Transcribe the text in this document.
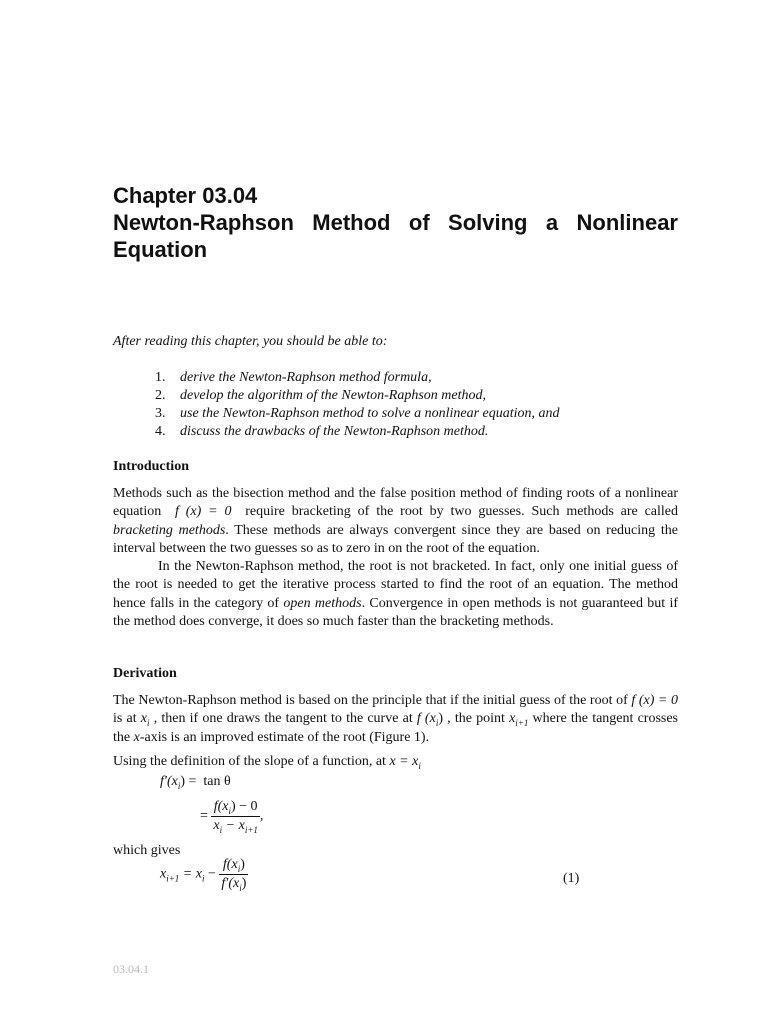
Chapter 03.04
Newton-Raphson Method of Solving a Nonlinear
Equation
After reading this chapter, you should be able to:
1. derive the Newton-Raphson method formula,
2. develop the algorithm of the Newton-Raphson method,
3. use the Newton-Raphson method to solve a nonlinear equation, and
4. discuss the drawbacks of the Newton-Raphson method.
Introduction

Methods such as the bisection method and the false position method of finding roots of a nonlinear equation f (x) = 0 require bracketing of the root by two guesses. Such methods are called bracketing methods. These methods are always convergent since they are based on reducing the interval between the two guesses so as to zero in on the root of the equation.

In the Newton-Raphson method, the root is not bracketed. In fact, only one initial guess of the root is needed to get the iterative process started to find the root of an equation. The method hence falls in the category of open methods. Convergence in open methods is not guaranteed but if the method does converge, it does so much faster than the bracketing methods.

Derivation

The Newton-Raphson method is based on the principle that if the initial guess of the root of f (x) = 0 is at $x_i$ , then if one draws the tangent to the curve at f $(x_i)$ , the point $x_{i+1}$ where the tangent crosses the x-axis is an improved estimate of the root (Figure 1).

Using the definition of the slope of a function, at $x = x_i$

$f'(x_i) = \tan \theta$
= $\frac{f(x_i) - 0}{x_i - x_{i+1}}$ ,
which gives
$x_{i+1} = x_i - \frac{f(x_i)}{f'(x_i)}$	(1)
03.04.1
